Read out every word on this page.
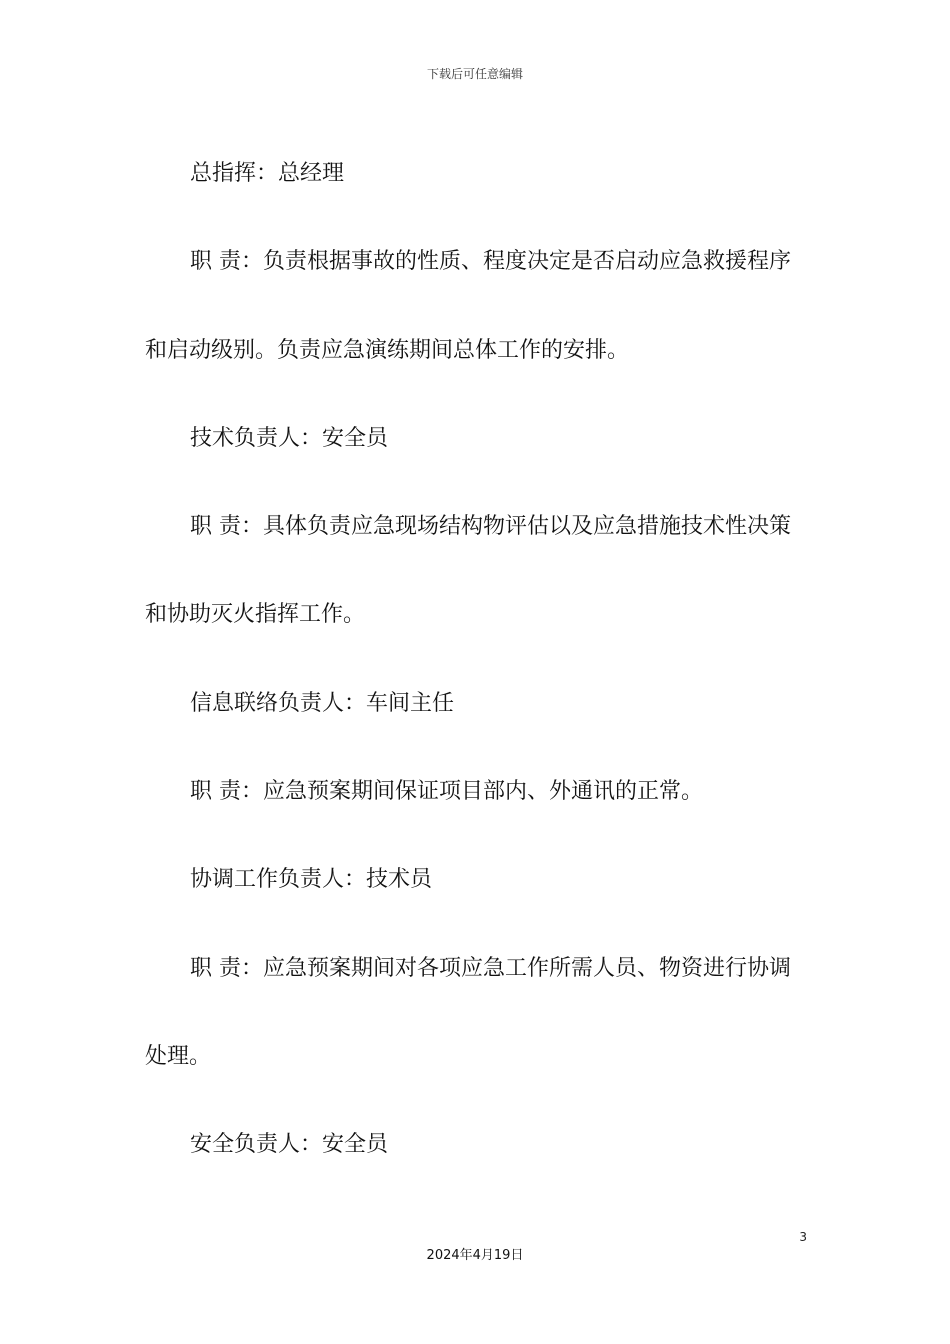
下载后可任意编辑

总指挥：总经理

职 责：负责根据事故的性质、程度决定是否启动应急救援程序和启动级别。负责应急演练期间总体工作的安排。

技术负责人：安全员

职 责：具体负责应急现场结构物评估以及应急措施技术性决策和协助灭火指挥工作。

信息联络负责人：车间主任

职 责：应急预案期间保证项目部内、外通讯的正常。

协调工作负责人：技术员

职 责：应急预案期间对各项应急工作所需人员、物资进行协调处理。

安全负责人：安全员

3
2024年4月19日
